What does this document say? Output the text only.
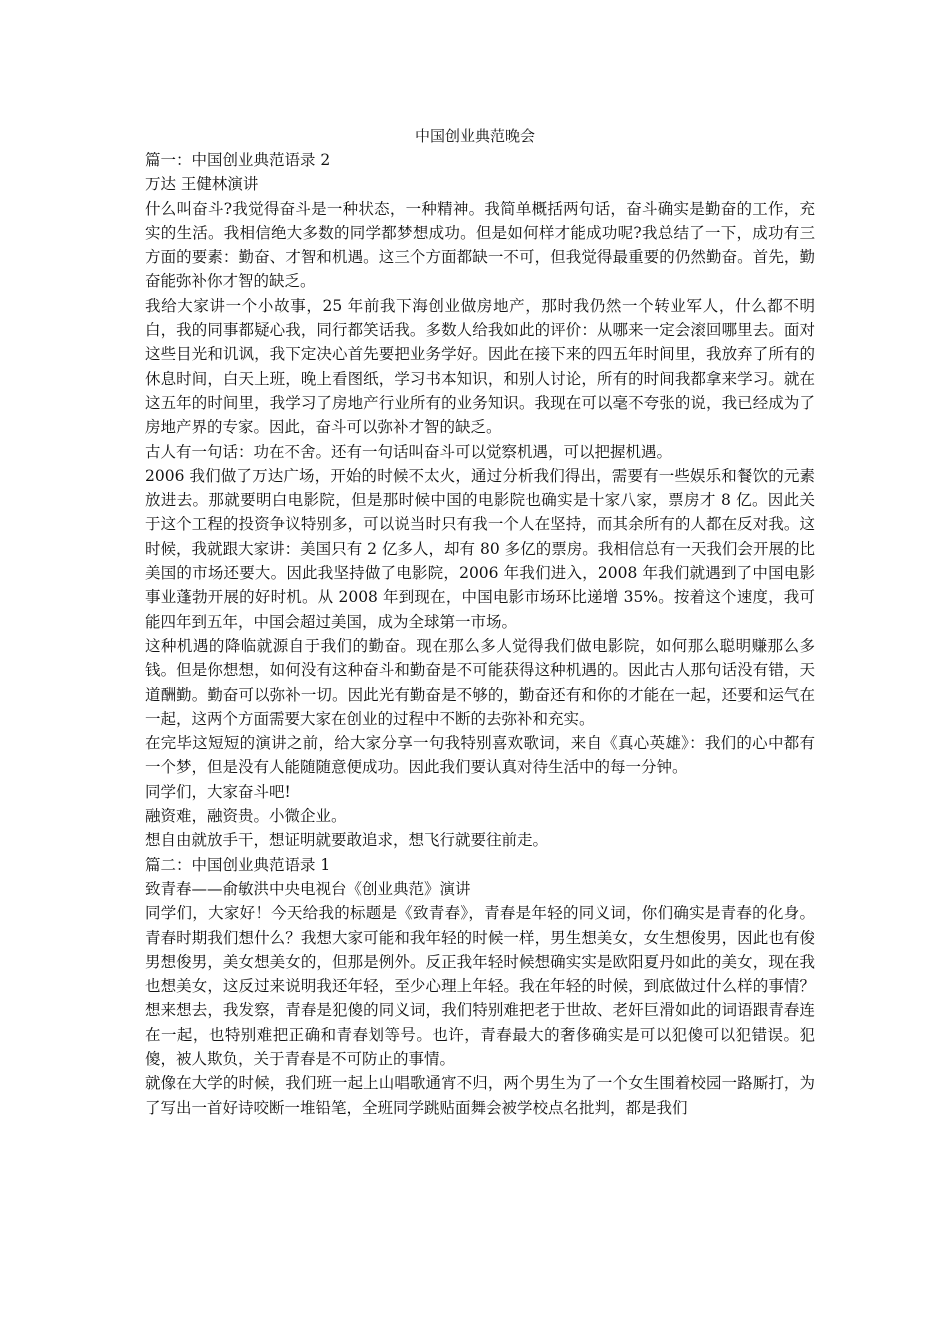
中国创业典范晚会

篇一：中国创业典范语录 2

万达 王健林演讲

什么叫奋斗?我觉得奋斗是一种状态，一种精神。我简单概括两句话，奋斗确实是勤奋的工作，充实的生活。我相信绝大多数的同学都梦想成功。但是如何样才能成功呢?我总结了一下，成功有三方面的要素：勤奋、才智和机遇。这三个方面都缺一不可，但我觉得最重要的仍然勤奋。首先，勤奋能弥补你才智的缺乏。

我给大家讲一个小故事，25 年前我下海创业做房地产，那时我仍然一个转业军人，什么都不明白，我的同事都疑心我，同行都笑话我。多数人给我如此的评价：从哪来一定会滚回哪里去。面对这些目光和讥讽，我下定决心首先要把业务学好。因此在接下来的四五年时间里，我放弃了所有的休息时间，白天上班，晚上看图纸，学习书本知识，和别人讨论，所有的时间我都拿来学习。就在这五年的时间里，我学习了房地产行业所有的业务知识。我现在可以毫不夸张的说，我已经成为了房地产界的专家。因此，奋斗可以弥补才智的缺乏。

古人有一句话：功在不舍。还有一句话叫奋斗可以觉察机遇，可以把握机遇。

2006 我们做了万达广场，开始的时候不太火，通过分析我们得出，需要有一些娱乐和餐饮的元素放进去。那就要明白电影院，但是那时候中国的电影院也确实是十家八家，票房才 8 亿。因此关于这个工程的投资争议特别多，可以说当时只有我一个人在坚持，而其余所有的人都在反对我。这时候，我就跟大家讲：美国只有 2 亿多人，却有 80 多亿的票房。我相信总有一天我们会开展的比美国的市场还要大。因此我坚持做了电影院，2006 年我们进入，2008 年我们就遇到了中国电影事业蓬勃开展的好时机。从 2008 年到现在，中国电影市场环比递增 35%。按着这个速度，我可能四年到五年，中国会超过美国，成为全球第一市场。

这种机遇的降临就源自于我们的勤奋。现在那么多人觉得我们做电影院，如何那么聪明赚那么多钱。但是你想想，如何没有这种奋斗和勤奋是不可能获得这种机遇的。因此古人那句话没有错，天道酬勤。勤奋可以弥补一切。因此光有勤奋是不够的，勤奋还有和你的才能在一起，还要和运气在一起，这两个方面需要大家在创业的过程中不断的去弥补和充实。

在完毕这短短的演讲之前，给大家分享一句我特别喜欢歌词，来自《真心英雄》：我们的心中都有一个梦，但是没有人能随随意便成功。因此我们要认真对待生活中的每一分钟。

同学们，大家奋斗吧!

融资难，融资贵。小微企业。

想自由就放手干，想证明就要敢追求，想飞行就要往前走。

篇二：中国创业典范语录 1

致青春——俞敏洪中央电视台《创业典范》演讲

同学们，大家好！今天给我的标题是《致青春》，青春是年轻的同义词，你们确实是青春的化身。青春时期我们想什么？我想大家可能和我年轻的时候一样，男生想美女，女生想俊男，因此也有俊男想俊男，美女想美女的，但那是例外。反正我年轻时候想确实实是欧阳夏丹如此的美女，现在我也想美女，这反过来说明我还年轻，至少心理上年轻。我在年轻的时候，到底做过什么样的事情？想来想去，我发察，青春是犯傻的同义词，我们特别难把老于世故、老奸巨滑如此的词语跟青春连在一起，也特别难把正确和青春划等号。也许，青春最大的奢侈确实是可以犯傻可以犯错误。犯傻，被人欺负，关于青春是不可防止的事情。

就像在大学的时候，我们班一起上山唱歌通宵不归，两个男生为了一个女生围着校园一路厮打，为了写出一首好诗咬断一堆铅笔，全班同学跳贴面舞会被学校点名批判，都是我们
